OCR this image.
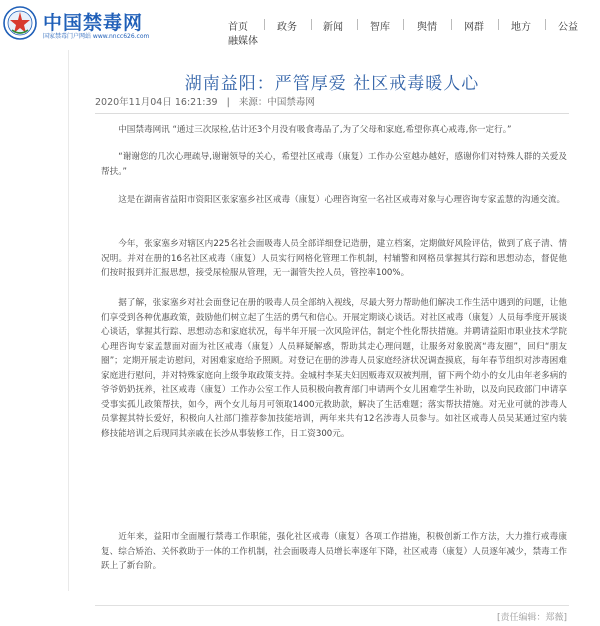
中国禁毒网
国家禁毒门户网站 www.nncc626.com
首页	政务	新闻	智库	舆情	网群	地方	公益
融媒体
湖南益阳：严管厚爱 社区戒毒暖人心
2020年11月04日 16:21:39 | 来源：中国禁毒网

中国禁毒网讯 “通过三次尿检,估计还3个月没有吸食毒品了,为了父母和家庭,希望你真心戒毒,你一定行。”

“谢谢您的几次心理疏导,谢谢领导的关心，希望社区戒毒（康复）工作办公室越办越好，感谢你们对特殊人群的关爱及帮扶。”

这是在湖南省益阳市资阳区张家塞乡社区戒毒（康复）心理咨询室一名社区戒毒对象与心理咨询专家孟慧的沟通交流。

今年，张家塞乡对辖区内225名社会面吸毒人员全部详细登记造册，建立档案，定期做好风险评估，做到了底子清、情况明。并对在册的16名社区戒毒（康复）人员实行网格化管理工作机制，村辅警和网格员掌握其行踪和思想动态，督促他们按时报到并汇报思想，接受尿检服从管理，无一漏管失控人员，管控率100%。

据了解，张家塞乡对社会面登记在册的吸毒人员全部纳入视线，尽最大努力帮助他们解决工作生活中遇到的问题，让他们享受到各种优惠政策，鼓励他们树立起了生活的勇气和信心。开展定期谈心谈话。对社区戒毒（康复）人员每季度开展谈心谈话，掌握其行踪、思想动态和家庭状况，每半年开展一次风险评估，制定个性化帮扶措施。并聘请益阳市职业技术学院心理咨询专家孟慧面对面为社区戒毒（康复）人员释疑解惑，帮助其走心理问题，让服务对象脱离“毒友圈”，回归“朋友圈”；定期开展走访慰问，对困难家庭给予照顾。对登记在册的涉毒人员家庭经济状况调查摸底，每年春节组织对涉毒困难家庭进行慰问，并对特殊家庭向上级争取政策支持。金城村李某夫妇因贩毒双双被判刑，留下两个幼小的女儿由年老多病的爷爷奶奶抚养，社区戒毒（康复）工作办公室工作人员积极向教育部门申请两个女儿困难学生补助，以及向民政部门申请享受事实孤儿政策帮扶，如今，两个女儿每月可领取1400元救助款，解决了生活难题；落实帮扶措施。对无业可就的涉毒人员掌握其特长爱好，积极向人社部门推荐参加技能培训，两年来共有12名涉毒人员参与。如社区戒毒人员吴某通过室内装修技能培训之后现同其亲戚在长沙从事装修工作，日工资300元。

近年来，益阳市全面履行禁毒工作职能，强化社区戒毒（康复）各项工作措施，积极创新工作方法，大力推行戒毒康复、综合矫治、关怀救助于一体的工作机制，社会面吸毒人员增长率逐年下降，社区戒毒（康复）人员逐年减少，禁毒工作跃上了新台阶。

[责任编辑：郑薇]
